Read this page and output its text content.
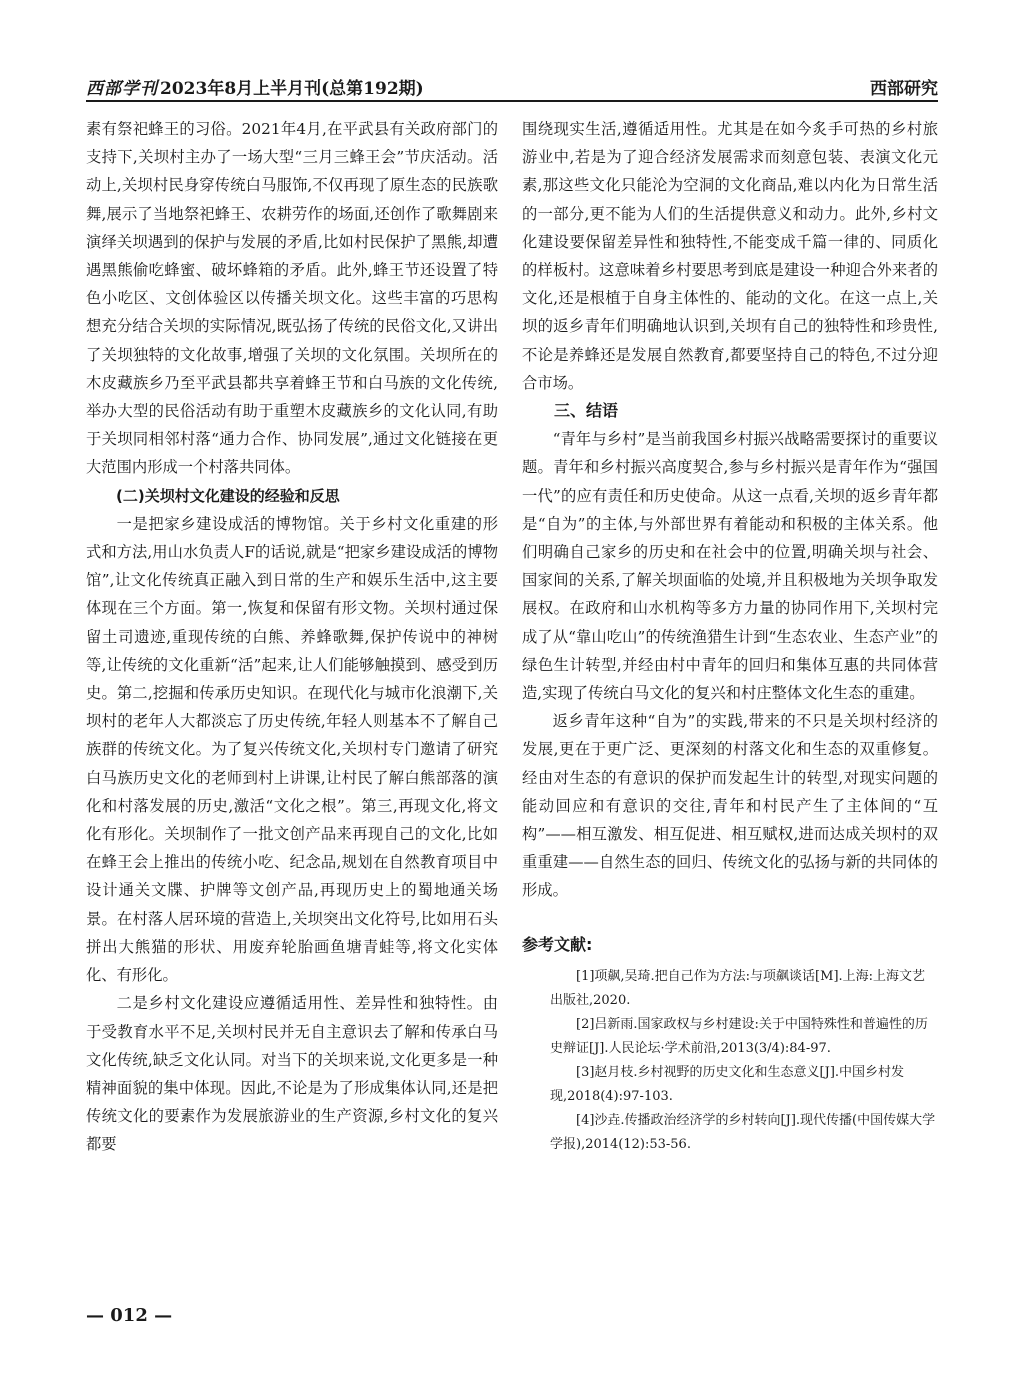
西部学刊 2023年8月上半月刊(总第192期)	西部研究

素有祭祀蜂王的习俗。2021年4月,在平武县有关政府部门的支持下,关坝村主办了一场大型“三月三蜂王会”节庆活动。活动上,关坝村民身穿传统白马服饰,不仅再现了原生态的民族歌舞,展示了当地祭祀蜂王、农耕劳作的场面,还创作了歌舞剧来演绎关坝遇到的保护与发展的矛盾,比如村民保护了黑熊,却遭遇黑熊偷吃蜂蜜、破坏蜂箱的矛盾。此外,蜂王节还设置了特色小吃区、文创体验区以传播关坝文化。这些丰富的巧思构想充分结合关坝的实际情况,既弘扬了传统的民俗文化,又讲出了关坝独特的文化故事,增强了关坝的文化氛围。关坝所在的木皮藏族乡乃至平武县都共享着蜂王节和白马族的文化传统,举办大型的民俗活动有助于重塑木皮藏族乡的文化认同,有助于关坝同相邻村落“通力合作、协同发展”,通过文化链接在更大范围内形成一个村落共同体。

(二)关坝村文化建设的经验和反思

一是把家乡建设成活的博物馆。关于乡村文化重建的形式和方法,用山水负责人F的话说,就是“把家乡建设成活的博物馆”,让文化传统真正融入到日常的生产和娱乐生活中,这主要体现在三个方面。第一,恢复和保留有形文物。关坝村通过保留土司遗迹,重现传统的白熊、养蜂歌舞,保护传说中的神树等,让传统的文化重新“活”起来,让人们能够触摸到、感受到历史。第二,挖掘和传承历史知识。在现代化与城市化浪潮下,关坝村的老年人大都淡忘了历史传统,年轻人则基本不了解自己族群的传统文化。为了复兴传统文化,关坝村专门邀请了研究白马族历史文化的老师到村上讲课,让村民了解白熊部落的演化和村落发展的历史,激活“文化之根”。第三,再现文化,将文化有形化。关坝制作了一批文创产品来再现自己的文化,比如在蜂王会上推出的传统小吃、纪念品,规划在自然教育项目中设计通关文牒、护牌等文创产品,再现历史上的蜀地通关场景。在村落人居环境的营造上,关坝突出文化符号,比如用石头拼出大熊猫的形状、用废弃轮胎画鱼塘青蛙等,将文化实体化、有形化。

二是乡村文化建设应遵循适用性、差异性和独特性。由于受教育水平不足,关坝村民并无自主意识去了解和传承白马文化传统,缺乏文化认同。对当下的关坝来说,文化更多是一种精神面貌的集中体现。因此,不论是为了形成集体认同,还是把传统文化的要素作为发展旅游业的生产资源,乡村文化的复兴都要

围绕现实生活,遵循适用性。尤其是在如今炙手可热的乡村旅游业中,若是为了迎合经济发展需求而刻意包装、表演文化元素,那这些文化只能沦为空洞的文化商品,难以内化为日常生活的一部分,更不能为人们的生活提供意义和动力。此外,乡村文化建设要保留差异性和独特性,不能变成千篇一律的、同质化的样板村。这意味着乡村要思考到底是建设一种迎合外来者的文化,还是根植于自身主体性的、能动的文化。在这一点上,关坝的返乡青年们明确地认识到,关坝有自己的独特性和珍贵性,不论是养蜂还是发展自然教育,都要坚持自己的特色,不过分迎合市场。

三、结语

“青年与乡村”是当前我国乡村振兴战略需要探讨的重要议题。青年和乡村振兴高度契合,参与乡村振兴是青年作为“强国一代”的应有责任和历史使命。从这一点看,关坝的返乡青年都是“自为”的主体,与外部世界有着能动和积极的主体关系。他们明确自己家乡的历史和在社会中的位置,明确关坝与社会、国家间的关系,了解关坝面临的处境,并且积极地为关坝争取发展权。在政府和山水机构等多方力量的协同作用下,关坝村完成了从“靠山吃山”的传统渔猎生计到“生态农业、生态产业”的绿色生计转型,并经由村中青年的回归和集体互惠的共同体营造,实现了传统白马文化的复兴和村庄整体文化生态的重建。

返乡青年这种“自为”的实践,带来的不只是关坝村经济的发展,更在于更广泛、更深刻的村落文化和生态的双重修复。经由对生态的有意识的保护而发起生计的转型,对现实问题的能动回应和有意识的交往,青年和村民产生了主体间的“互构”——相互激发、相互促进、相互赋权,进而达成关坝村的双重重建——自然生态的回归、传统文化的弘扬与新的共同体的形成。

参考文献:

[1]项飙,吴琦.把自己作为方法:与项飙谈话[M].上海:上海文艺出版社,2020.

[2]吕新雨.国家政权与乡村建设:关于中国特殊性和普遍性的历史辩证[J].人民论坛·学术前沿,2013(3/4):84-97.

[3]赵月枝.乡村视野的历史文化和生态意义[J].中国乡村发现,2018(4):97-103.

[4]沙垚.传播政治经济学的乡村转向[J].现代传播(中国传媒大学学报),2014(12):53-56.

— 012 —
